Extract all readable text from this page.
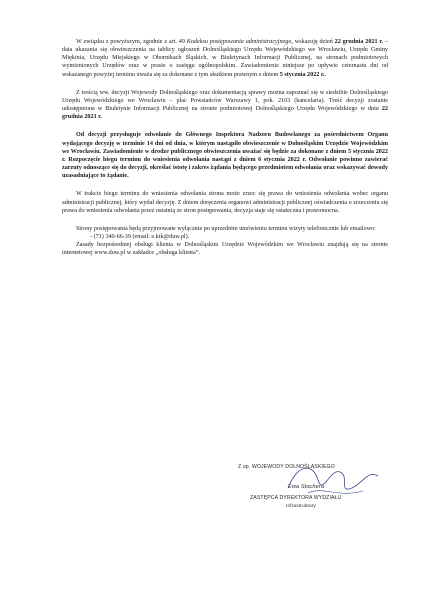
W związku z powyższym, zgodnie z art. 49 Kodeksu postępowania administracyjnego, wskazuję dzień 22 grudnia 2021 r. – data ukazania się obwieszczenia na tablicy ogłoszeń Dolnośląskiego Urzędu Wojewódzkiego we Wrocławiu, Urzędu Gminy Miękinia, Urzędu Miejskiego w Obornikach Śląskich, w Biuletynach Informacji Publicznej, na stronach podmiotowych wymienionych Urzędów oraz w prasie o zasięgu ogólnopolskim. Zawiadomienie niniejsze po upływie czternastu dni od wskazanego powyżej terminu uważa się za dokonane z tym skutkiem prawnym z dniem 5 stycznia 2022 r..

Z treścią ww. decyzji Wojewody Dolnośląskiego oraz dokumentacją sprawy można zapoznać się w siedzibie Dolnośląskiego Urzędu Wojewódzkiego we Wrocławiu – plac Powstańców Warszawy 1, pok. 2103 (kancelaria). Treść decyzji zostanie udostępniona w Biuletynie Informacji Publicznej na stronie podmiotowej Dolnośląskiego Urzędu Wojewódzkiego w dniu 22 grudnia 2021 r.

Od decyzji przysługuje odwołanie do Głównego Inspektora Nadzoru Budowlanego za pośrednictwem Organu wydającego decyzję w terminie 14 dni od dnia, w którym nastąpiło obwieszczenie w Dolnośląskim Urzędzie Wojewódzkim we Wrocławiu. Zawiadomienie w drodze publicznego obwieszczenia uważać się będzie za dokonane z dniem 5 stycznia 2022 r. Rozpoczęcie biegu terminu do wniesienia odwołania nastąpi z dniem 6 stycznia 2022 r. Odwołanie powinno zawierać zarzuty odnoszące się do decyzji, określać istotę i zakres żądania będącego przedmiotem odwołania oraz wskazywać dowody uzasadniające to żądanie.

W trakcie biegu terminu do wniesienia odwołania strona może zrzec się prawa do wniesienia odwołania wobec organu administracji publicznej, który wydał decyzję. Z dniem doręczenia organowi administracji publicznej oświadczenia o zrzeczeniu się prawa do wniesienia odwołania przez ostatnią ze stron postępowania, decyzja staje się ostateczna i prawomocna.

Strony postępowania będą przyjmowane wyłącznie po uprzednim umówieniu terminu wizyty telefonicznie lub emailowo:
- (71) 340-66-39 (email: e.kik@duw.pl).
Zasady bezpośredniej obsługi klienta w Dolnośląskim Urzędzie Wojewódzkim we Wrocławiu znajdują się na stronie internetowej www.duw.pl w zakładce „obsługa klienta”.

Z up. WOJEWODY DOLNOŚLĄSKIEGO
Ewa Stochera
ZASTĘPCA DYREKTORA WYDZIAŁU
Infrastruktury
